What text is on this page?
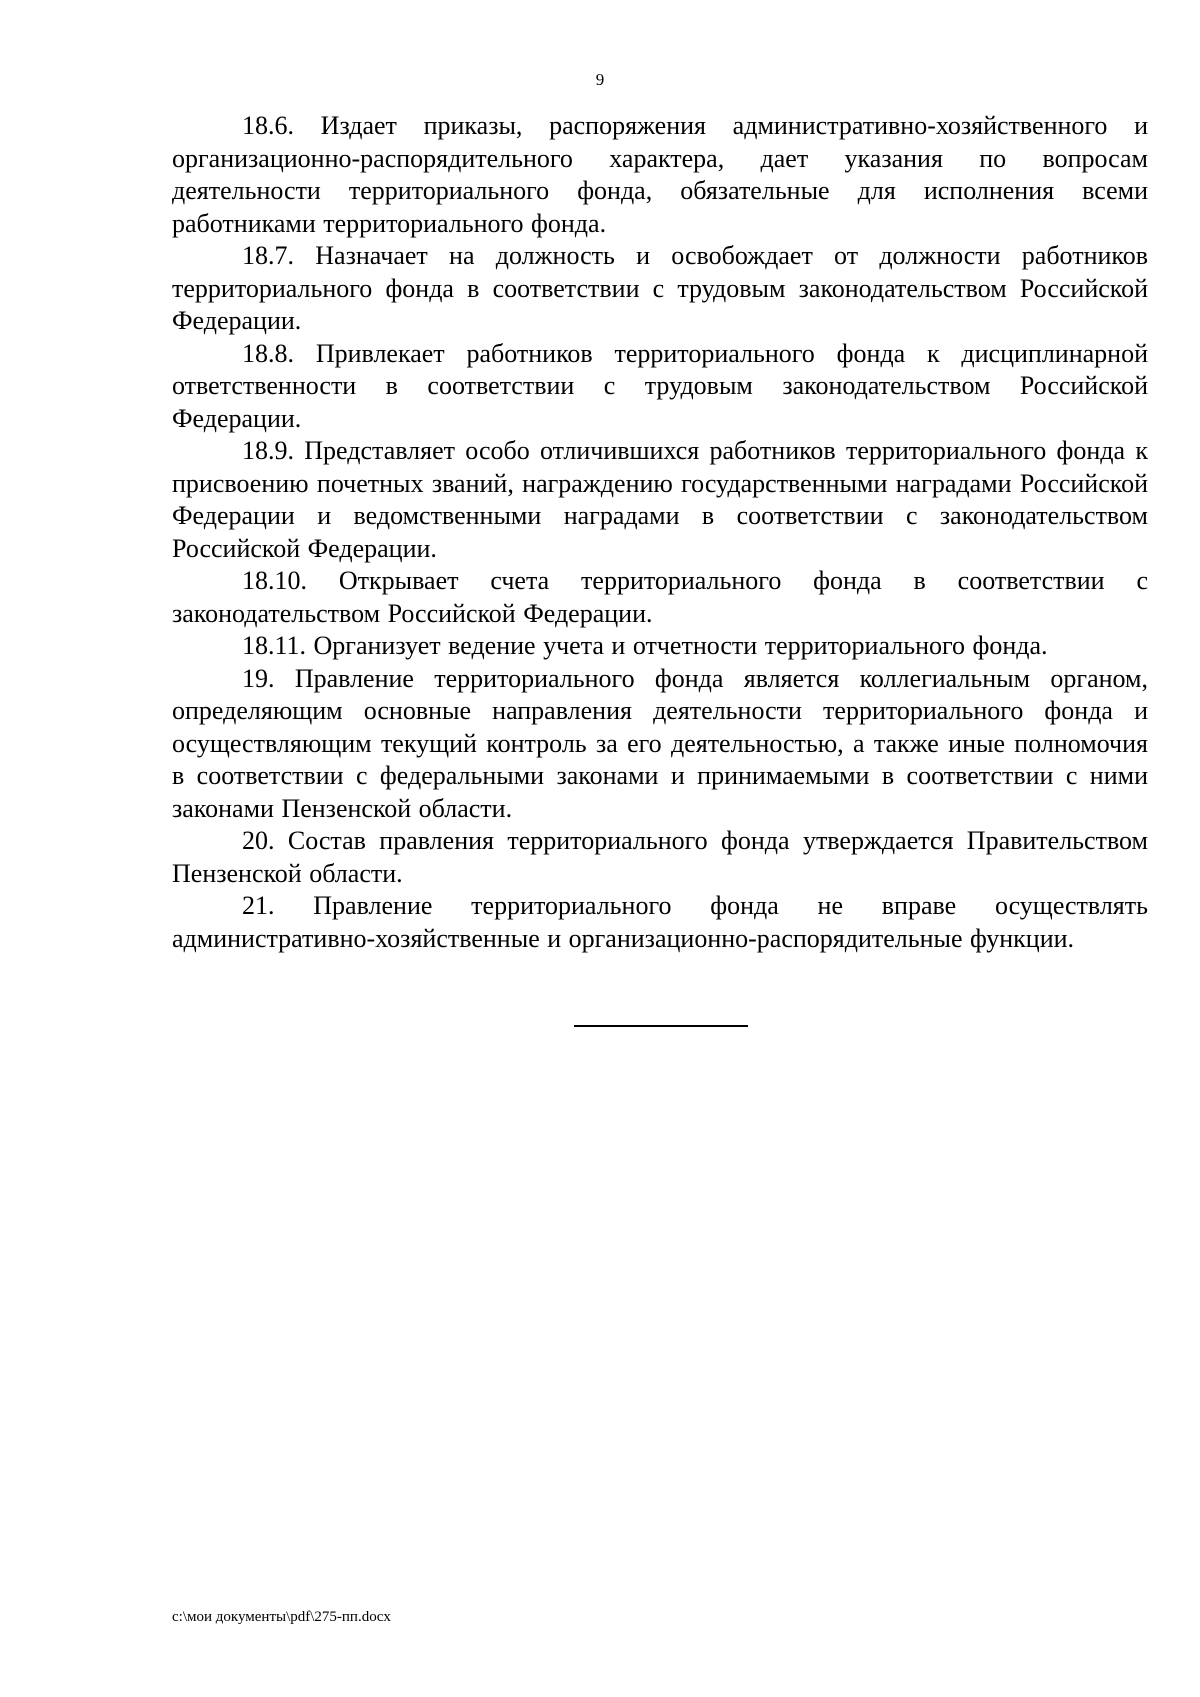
9

18.6. Издает приказы, распоряжения административно-хозяйственного и организационно-распорядительного характера, дает указания по вопросам деятельности территориального фонда, обязательные для исполнения всеми работниками территориального фонда.

18.7. Назначает на должность и освобождает от должности работников территориального фонда в соответствии с трудовым законодательством Российской Федерации.

18.8. Привлекает работников территориального фонда к дисциплинарной ответственности в соответствии с трудовым законодательством Российской Федерации.

18.9. Представляет особо отличившихся работников территориального фонда к присвоению почетных званий, награждению государственными наградами Российской Федерации и ведомственными наградами в соответствии с законодательством Российской Федерации.

18.10. Открывает счета территориального фонда в соответствии с законодательством Российской Федерации.

18.11. Организует ведение учета и отчетности территориального фонда.

19. Правление территориального фонда является коллегиальным органом, определяющим основные направления деятельности территориального фонда и осуществляющим текущий контроль за его деятельностью, а также иные полномочия в соответствии с федеральными законами и принимаемыми в соответствии с ними законами Пензенской области.

20. Состав правления территориального фонда утверждается Правительством Пензенской области.

21. Правление территориального фонда не вправе осуществлять административно-хозяйственные и организационно-распорядительные функции.

c:\мои документы\pdf\275-пп.docx
